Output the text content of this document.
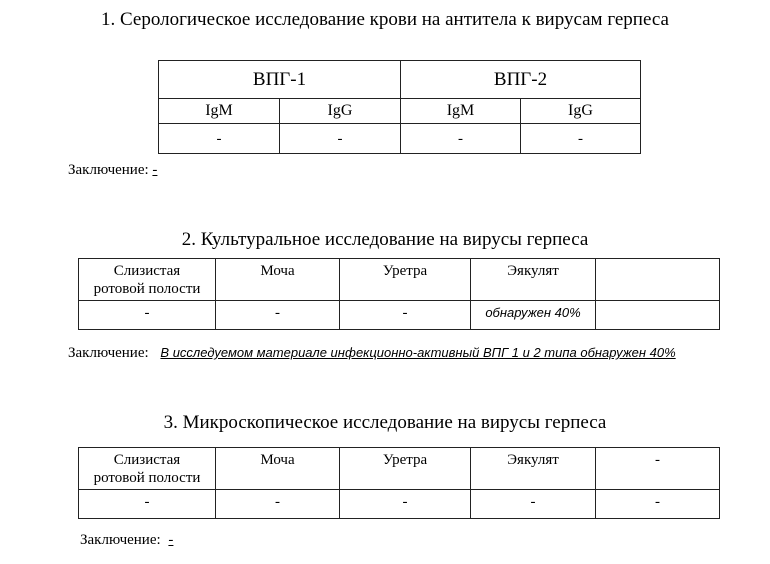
1. Серологическое исследование крови на антитела к вирусам герпеса
ВПГ-1		ВПГ-2	
IgM	IgG	IgM	IgG
-	-	-	-
Заключение: -
2. Культуральное исследование на вирусы герпеса
Слизистая
ротовой полости	Моча	Уретра	Эякулят	
-	-	-	обнаружен 40%	
Заключение: В исследуемом материале инфекционно-активный ВПГ 1 и 2 типа обнаружен 40%
3. Микроскопическое исследование на вирусы герпеса
Слизистая
ротовой полости	Моча	Уретра	Эякулят	-
-	-	-	-	-
Заключение: -
